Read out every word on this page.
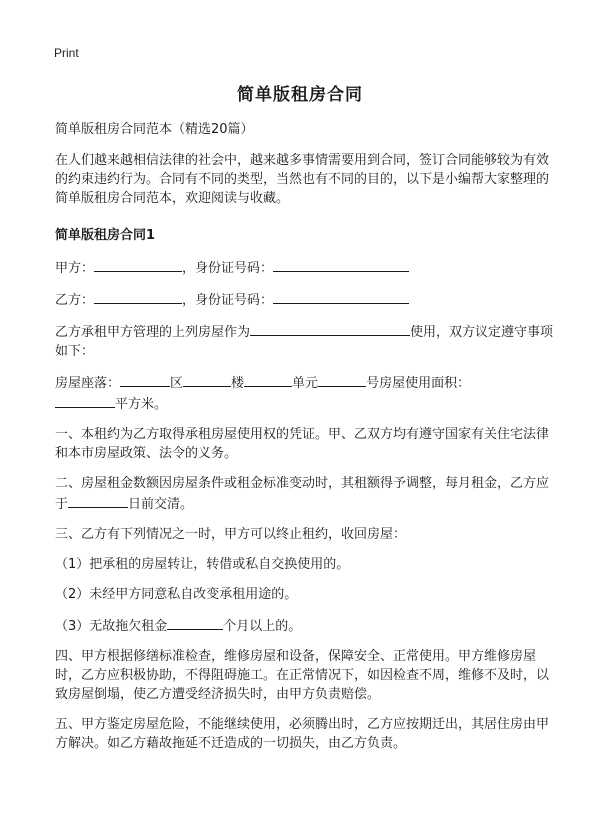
Print
简单版租房合同

简单版租房合同范本（精选20篇）

在人们越来越相信法律的社会中，越来越多事情需要用到合同，签订合同能够较为有效的约束违约行为。合同有不同的类型，当然也有不同的目的，以下是小编帮大家整理的简单版租房合同范本，欢迎阅读与收藏。

简单版租房合同1

甲方：	，身份证号码：

乙方：	，身份证号码：

乙方承租甲方管理的上列房屋作为	使用，双方议定遵守事项如下：

房屋座落：	区	楼	单元	号房屋使用面积：
平方米。

一、本租约为乙方取得承租房屋使用权的凭证。甲、乙双方均有遵守国家有关住宅法律和本市房屋政策、法令的义务。

二、房屋租金数额因房屋条件或租金标准变动时，其租额得予调整，每月租金，乙方应于	日前交清。

三、乙方有下列情况之一时，甲方可以终止租约，收回房屋：

（1）把承租的房屋转让，转借或私自交换使用的。

（2）未经甲方同意私自改变承租用途的。

（3）无故拖欠租金	个月以上的。

四、甲方根据修缮标准检查，维修房屋和设备，保障安全、正常使用。甲方维修房屋时，乙方应积极协助，不得阻碍施工。在正常情况下，如因检查不周，维修不及时，以致房屋倒塌，使乙方遭受经济损失时，由甲方负责赔偿。

五、甲方鉴定房屋危险，不能继续使用，必须腾出时，乙方应按期迁出，其居住房由甲方解决。如乙方藉故拖延不迁造成的一切损失，由乙方负责。
